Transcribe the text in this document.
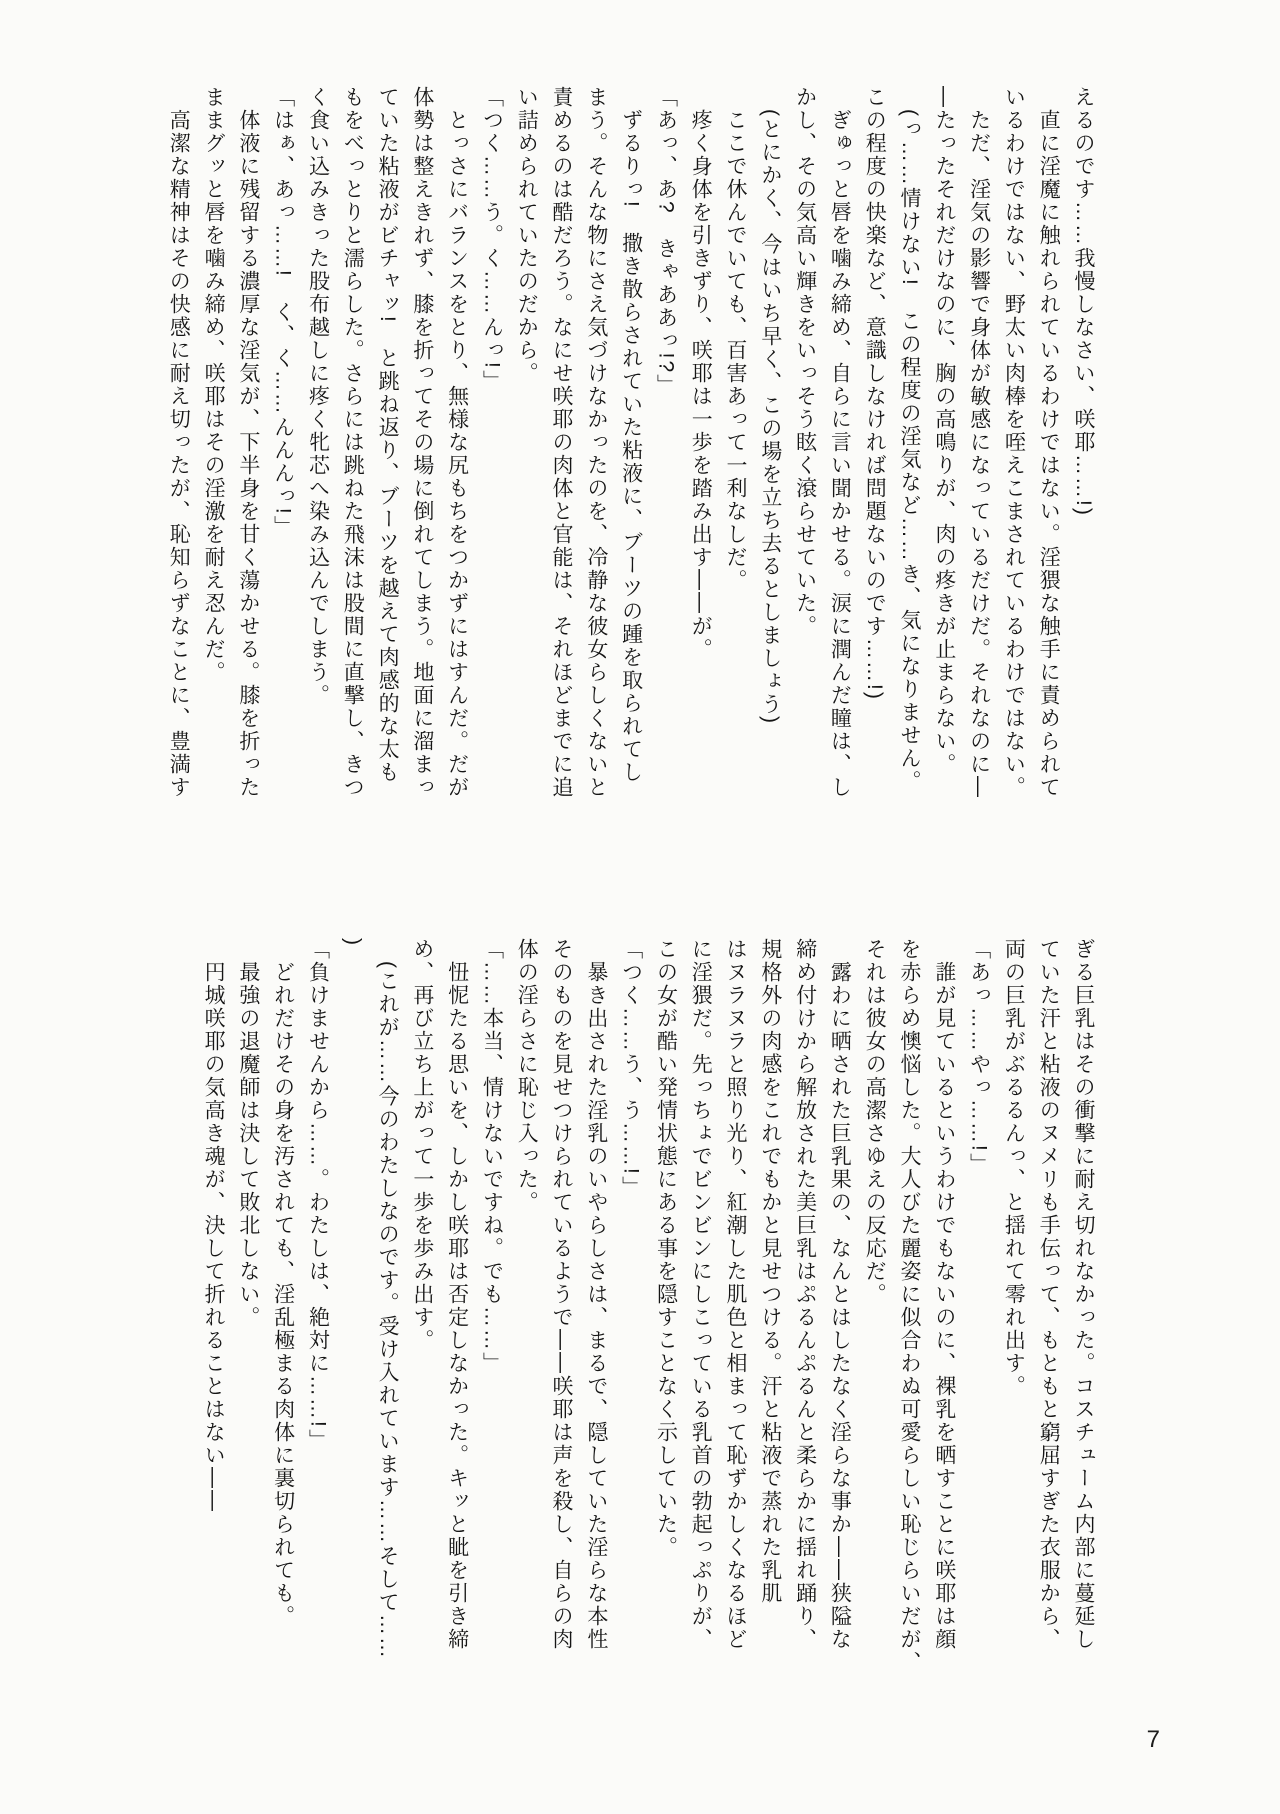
えるのです……我慢しなさい、咲耶……!)

　直に淫魔に触れられているわけではない。淫猥な触手に責められて

いるわけではない、野太い肉棒を咥えこまされているわけではない。

　ただ、淫気の影響で身体が敏感になっているだけだ。それなのに―

―たったそれだけなのに、胸の高鳴りが、肉の疼きが止まらない。

　(っ……情けない!　この程度の淫気など……き、気になりません。

この程度の快楽など、意識しなければ問題ないのです……!)

　ぎゅっと唇を噛み締め、自らに言い聞かせる。涙に潤んだ瞳は、し

かし、その気高い輝きをいっそう眩く滾らせていた。

　(とにかく、今はいち早く、この場を立ち去るとしましょう)

　ここで休んでいても、百害あって一利なしだ。

　疼く身体を引きずり、咲耶は一歩を踏み出す――が。

「あっ、あ?　きゃああっ!?」

　ずるりっ!　撒き散らされていた粘液に、ブーツの踵を取られてし

まう。そんな物にさえ気づけなかったのを、冷静な彼女らしくないと

責めるのは酷だろう。なにせ咲耶の肉体と官能は、それほどまでに追

い詰められていたのだから。

「つく……う。く……んっ!」

　とっさにバランスをとり、無様な尻もちをつかずにはすんだ。だが

体勢は整えきれず、膝を折ってその場に倒れてしまう。地面に溜まっ

ていた粘液がビチャッ!　と跳ね返り、ブーツを越えて肉感的な太も

もをべっとりと濡らした。さらには跳ねた飛沫は股間に直撃し、きつ

く食い込みきった股布越しに疼く牝芯へ染み込んでしまう。

「はぁ、あっ……!　く、く……んんんっ!」

　体液に残留する濃厚な淫気が、下半身を甘く蕩かせる。膝を折った

ままグッと唇を噛み締め、咲耶はその淫激を耐え忍んだ。

　高潔な精神はその快感に耐え切ったが、恥知らずなことに、豊満す

ぎる巨乳はその衝撃に耐え切れなかった。コスチューム内部に蔓延し

ていた汗と粘液のヌメリも手伝って、もともと窮屈すぎた衣服から、

両の巨乳がぶるるんっ、と揺れて零れ出す。

「あっ……やっ……!」

　誰が見ているというわけでもないのに、裸乳を晒すことに咲耶は顔

を赤らめ懊悩した。大人びた麗姿に似合わぬ可愛らしい恥じらいだが、

それは彼女の高潔さゆえの反応だ。

　露わに晒された巨乳果の、なんとはしたなく淫らな事か――狭隘な

締め付けから解放された美巨乳はぷるんぷるんと柔らかに揺れ踊り、

規格外の肉感をこれでもかと見せつける。汗と粘液で蒸れた乳肌

はヌラヌラと照り光り、紅潮した肌色と相まって恥ずかしくなるほど

に淫猥だ。先っちょでビンビンにしこっている乳首の勃起っぷりが、

この女が酷い発情状態にある事を隠すことなく示していた。

「つく……う、う……!」

　暴き出された淫乳のいやらしさは、まるで、隠していた淫らな本性

そのものを見せつけられているようで――咲耶は声を殺し、自らの肉

体の淫らさに恥じ入った。

「……本当、情けないですね。でも……」

　忸怩たる思いを、しかし咲耶は否定しなかった。キッと眦を引き締

め、再び立ち上がって一歩を歩み出す。

　(これが……今のわたしなのです。受け入れています……そして……

)

「負けませんから……。わたしは、絶対に……!」

　どれだけその身を汚されても、淫乱極まる肉体に裏切られても。

　最強の退魔師は決して敗北しない。

　円城咲耶の気高き魂が、決して折れることはない――

7
